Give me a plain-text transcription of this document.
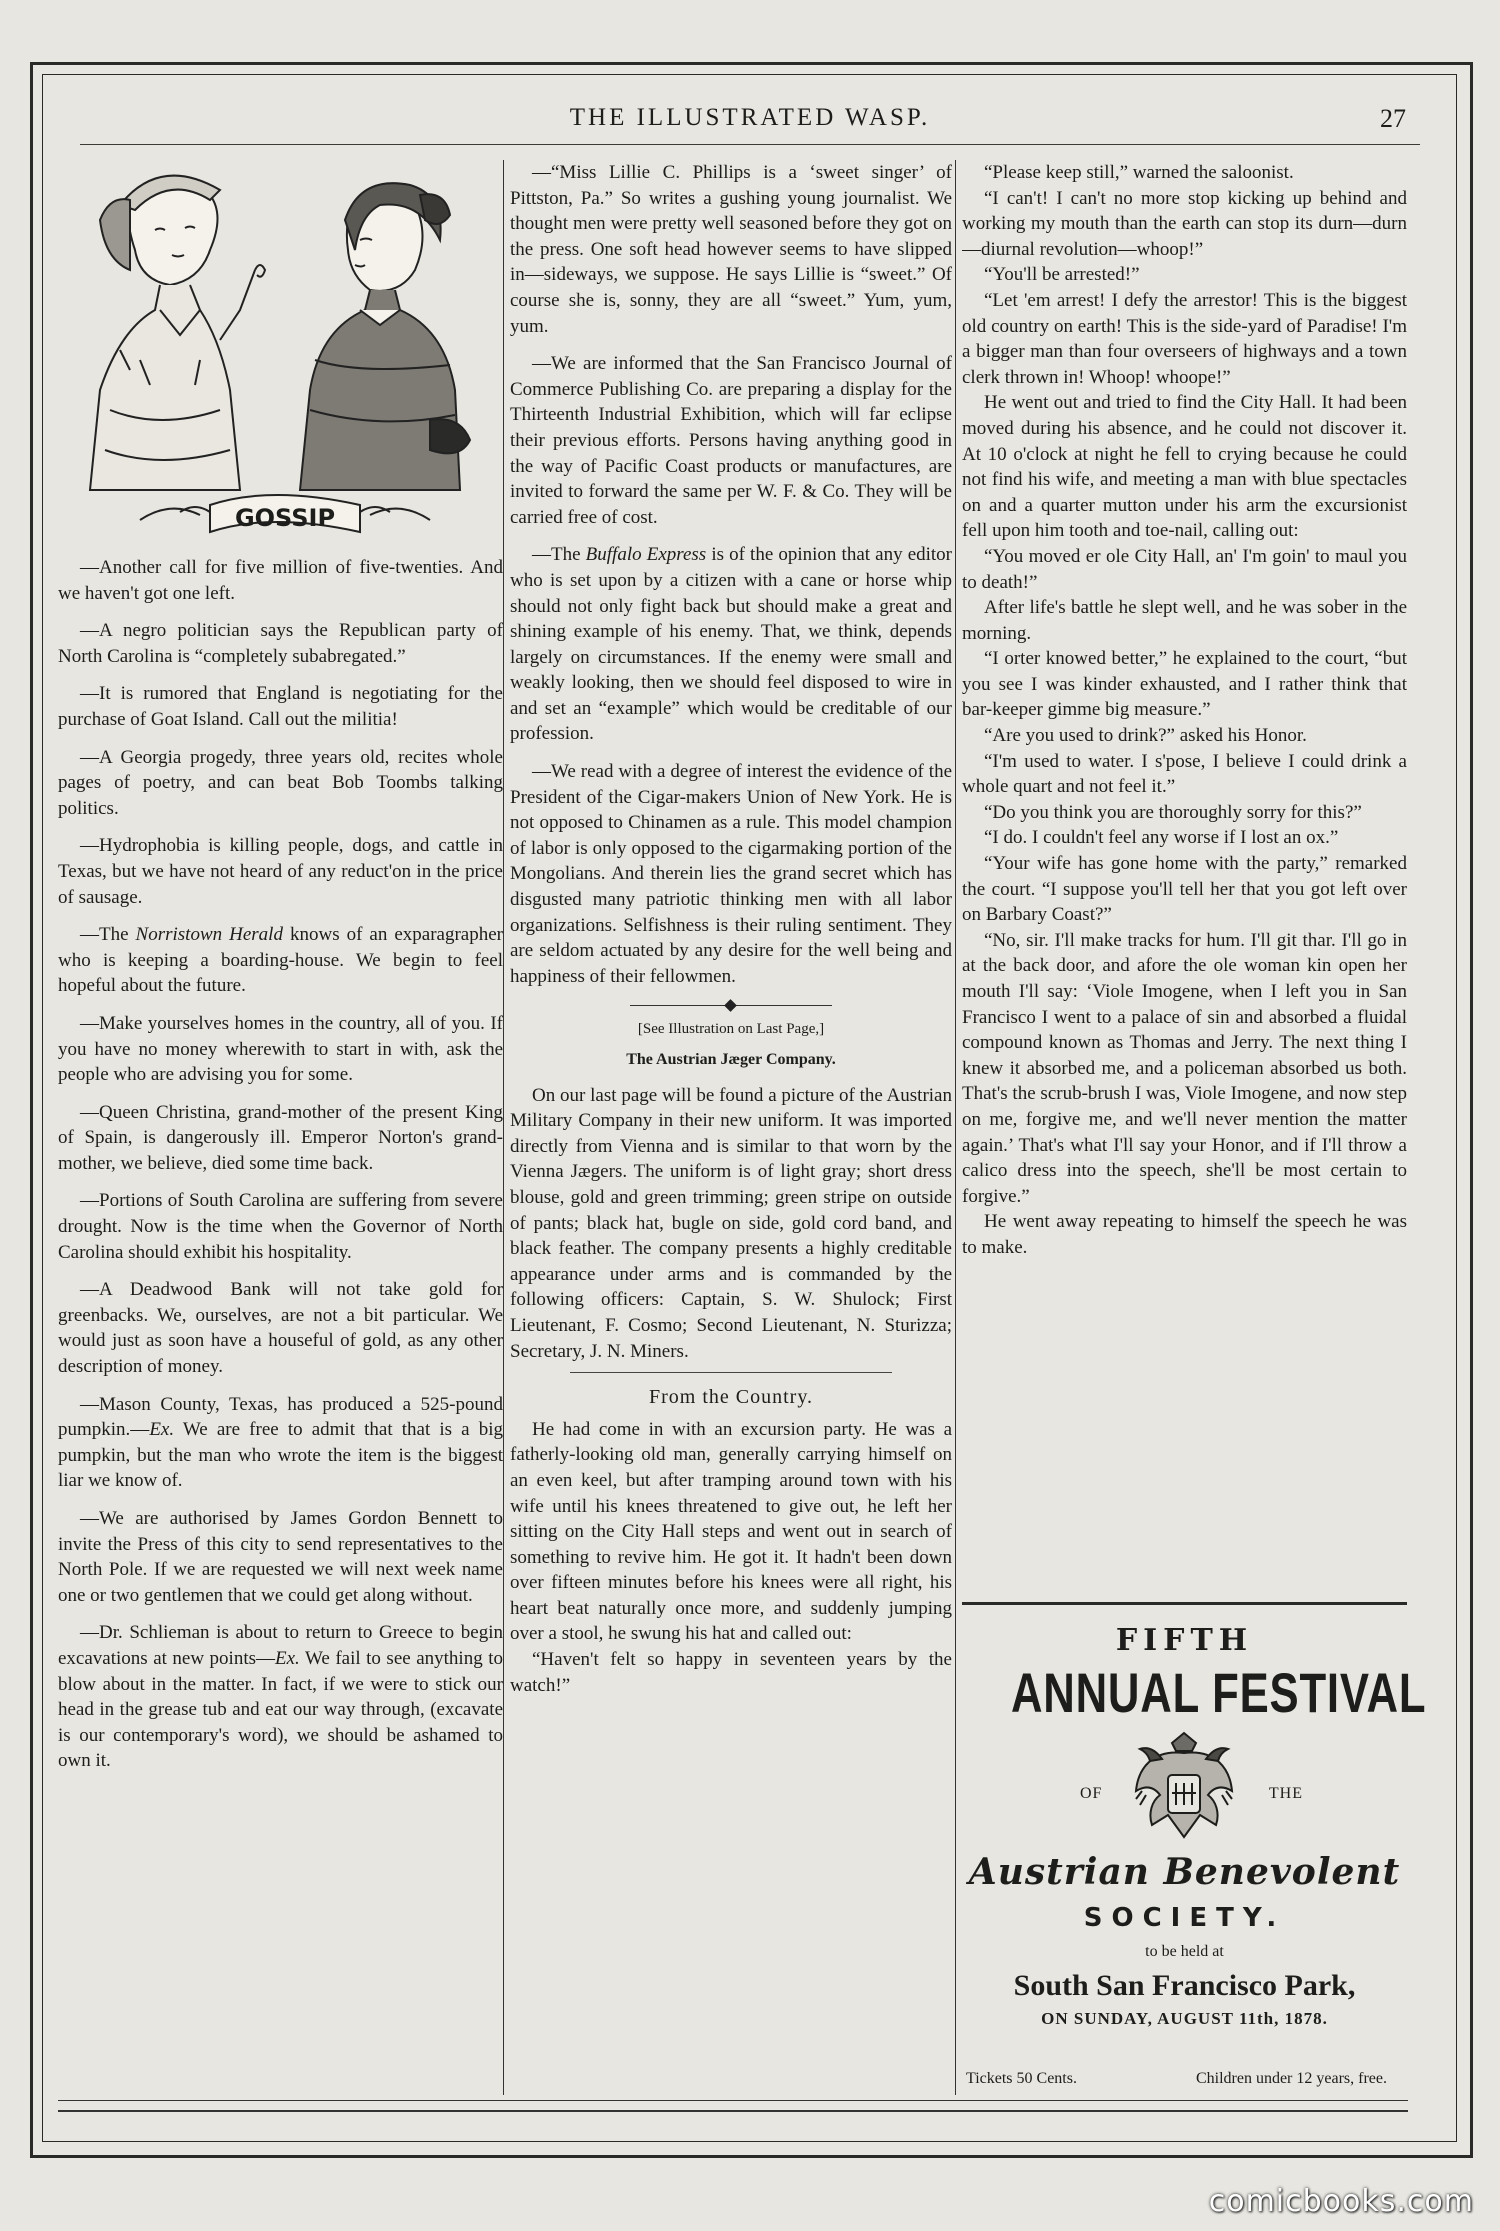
THE ILLUSTRATED WASP.	27
GOSSIP

—Another call for five million of five-twenties. And we haven't got one left.

—A negro politician says the Republican party of North Carolina is “completely subabregated.”

—It is rumored that England is negotiating for the purchase of Goat Island. Call out the militia!

—A Georgia progedy, three years old, recites whole pages of poetry, and can beat Bob Toombs talking politics.

—Hydrophobia is killing people, dogs, and cattle in Texas, but we have not heard of any reduct'on in the price of sausage.

—The Norristown Herald knows of an exparagrapher who is keeping a boarding-house. We begin to feel hopeful about the future.

—Make yourselves homes in the country, all of you. If you have no money wherewith to start in with, ask the people who are advising you for some.

—Queen Christina, grand-mother of the present King of Spain, is dangerously ill. Emperor Norton's grand-mother, we believe, died some time back.

—Portions of South Carolina are suffering from severe drought. Now is the time when the Governor of North Carolina should exhibit his hospitality.

—A Deadwood Bank will not take gold for greenbacks. We, ourselves, are not a bit particular. We would just as soon have a houseful of gold, as any other description of money.

—Mason County, Texas, has produced a 525-pound pumpkin.—Ex. We are free to admit that that is a big pumpkin, but the man who wrote the item is the biggest liar we know of.

—We are authorised by James Gordon Bennett to invite the Press of this city to send representatives to the North Pole. If we are requested we will next week name one or two gentlemen that we could get along without.

—Dr. Schlieman is about to return to Greece to begin excavations at new points—Ex. We fail to see anything to blow about in the matter. In fact, if we were to stick our head in the grease tub and eat our way through, (excavate is our contemporary's word), we should be ashamed to own it.

—“Miss Lillie C. Phillips is a ‘sweet singer’ of Pittston, Pa.” So writes a gushing young journalist. We thought men were pretty well seasoned before they got on the press. One soft head however seems to have slipped in—sideways, we suppose. He says Lillie is “sweet.” Of course she is, sonny, they are all “sweet.” Yum, yum, yum.

—We are informed that the San Francisco Journal of Commerce Publishing Co. are preparing a display for the Thirteenth Industrial Exhibition, which will far eclipse their previous efforts. Persons having anything good in the way of Pacific Coast products or manufactures, are invited to forward the same per W. F. & Co. They will be carried free of cost.

—The Buffalo Express is of the opinion that any editor who is set upon by a citizen with a cane or horse whip should not only fight back but should make a great and shining example of his enemy. That, we think, depends largely on circumstances. If the enemy were small and weakly looking, then we should feel disposed to wire in and set an “example” which would be creditable of our profession.

—We read with a degree of interest the evidence of the President of the Cigar-makers Union of New York. He is not opposed to Chinamen as a rule. This model champion of labor is only opposed to the cigarmaking portion of the Mongolians. And therein lies the grand secret which has disgusted many patriotic thinking men with all labor organizations. Selfishness is their ruling sentiment. They are seldom actuated by any desire for the well being and happiness of their fellowmen.

[See Illustration on Last Page,]
The Austrian Jæger Company.

On our last page will be found a picture of the Austrian Military Company in their new uniform. It was imported directly from Vienna and is similar to that worn by the Vienna Jægers. The uniform is of light gray; short dress blouse, gold and green trimming; green stripe on outside of pants; black hat, bugle on side, gold cord band, and black feather. The company presents a highly creditable appearance under arms and is commanded by the following officers: Captain, S. W. Shulock; First Lieutenant, F. Cosmo; Second Lieutenant, N. Sturizza; Secretary, J. N. Miners.

From the Country.

He had come in with an excursion party. He was a fatherly-looking old man, generally carrying himself on an even keel, but after tramping around town with his wife until his knees threatened to give out, he left her sitting on the City Hall steps and went out in search of something to revive him. He got it. It hadn't been down over fifteen minutes before his knees were all right, his heart beat naturally once more, and suddenly jumping over a stool, he swung his hat and called out:

“Haven't felt so happy in seventeen years by the watch!”

“Please keep still,” warned the saloonist.

“I can't! I can't no more stop kicking up behind and working my mouth than the earth can stop its durn—durn—diurnal revolution—whoop!”

“You'll be arrested!”

“Let 'em arrest! I defy the arrestor! This is the biggest old country on earth! This is the side-yard of Paradise! I'm a bigger man than four overseers of highways and a town clerk thrown in! Whoop! whoope!”

He went out and tried to find the City Hall. It had been moved during his absence, and he could not discover it. At 10 o'clock at night he fell to crying because he could not find his wife, and meeting a man with blue spectacles on and a quarter mutton under his arm the excursionist fell upon him tooth and toe-nail, calling out:

“You moved er ole City Hall, an' I'm goin' to maul you to death!”

After life's battle he slept well, and he was sober in the morning.

“I orter knowed better,” he explained to the court, “but you see I was kinder exhausted, and I rather think that bar-keeper gimme big measure.”

“Are you used to drink?” asked his Honor.

“I'm used to water. I s'pose, I believe I could drink a whole quart and not feel it.”

“Do you think you are thoroughly sorry for this?”

“I do. I couldn't feel any worse if I lost an ox.”

“Your wife has gone home with the party,” remarked the court. “I suppose you'll tell her that you got left over on Barbary Coast?”

“No, sir. I'll make tracks for hum. I'll git thar. I'll go in at the back door, and afore the ole woman kin open her mouth I'll say: ‘Viole Imogene, when I left you in San Francisco I went to a palace of sin and absorbed a fluidal compound known as Thomas and Jerry. The next thing I knew it absorbed me, and a policeman absorbed us both. That's the scrub-brush I was, Viole Imogene, and now step on me, forgive me, and we'll never mention the matter again.’ That's what I'll say your Honor, and if I'll throw a calico dress into the speech, she'll be most certain to forgive.”

He went away repeating to himself the speech he was to make.

FIFTH
ANNUAL FESTIVAL
OF	THE
Austrian Benevolent
SOCIETY.
to be held at
South San Francisco Park,
ON SUNDAY, AUGUST 11th, 1878.
Tickets 50 Cents.	Children under 12 years, free.
comicbooks.com
